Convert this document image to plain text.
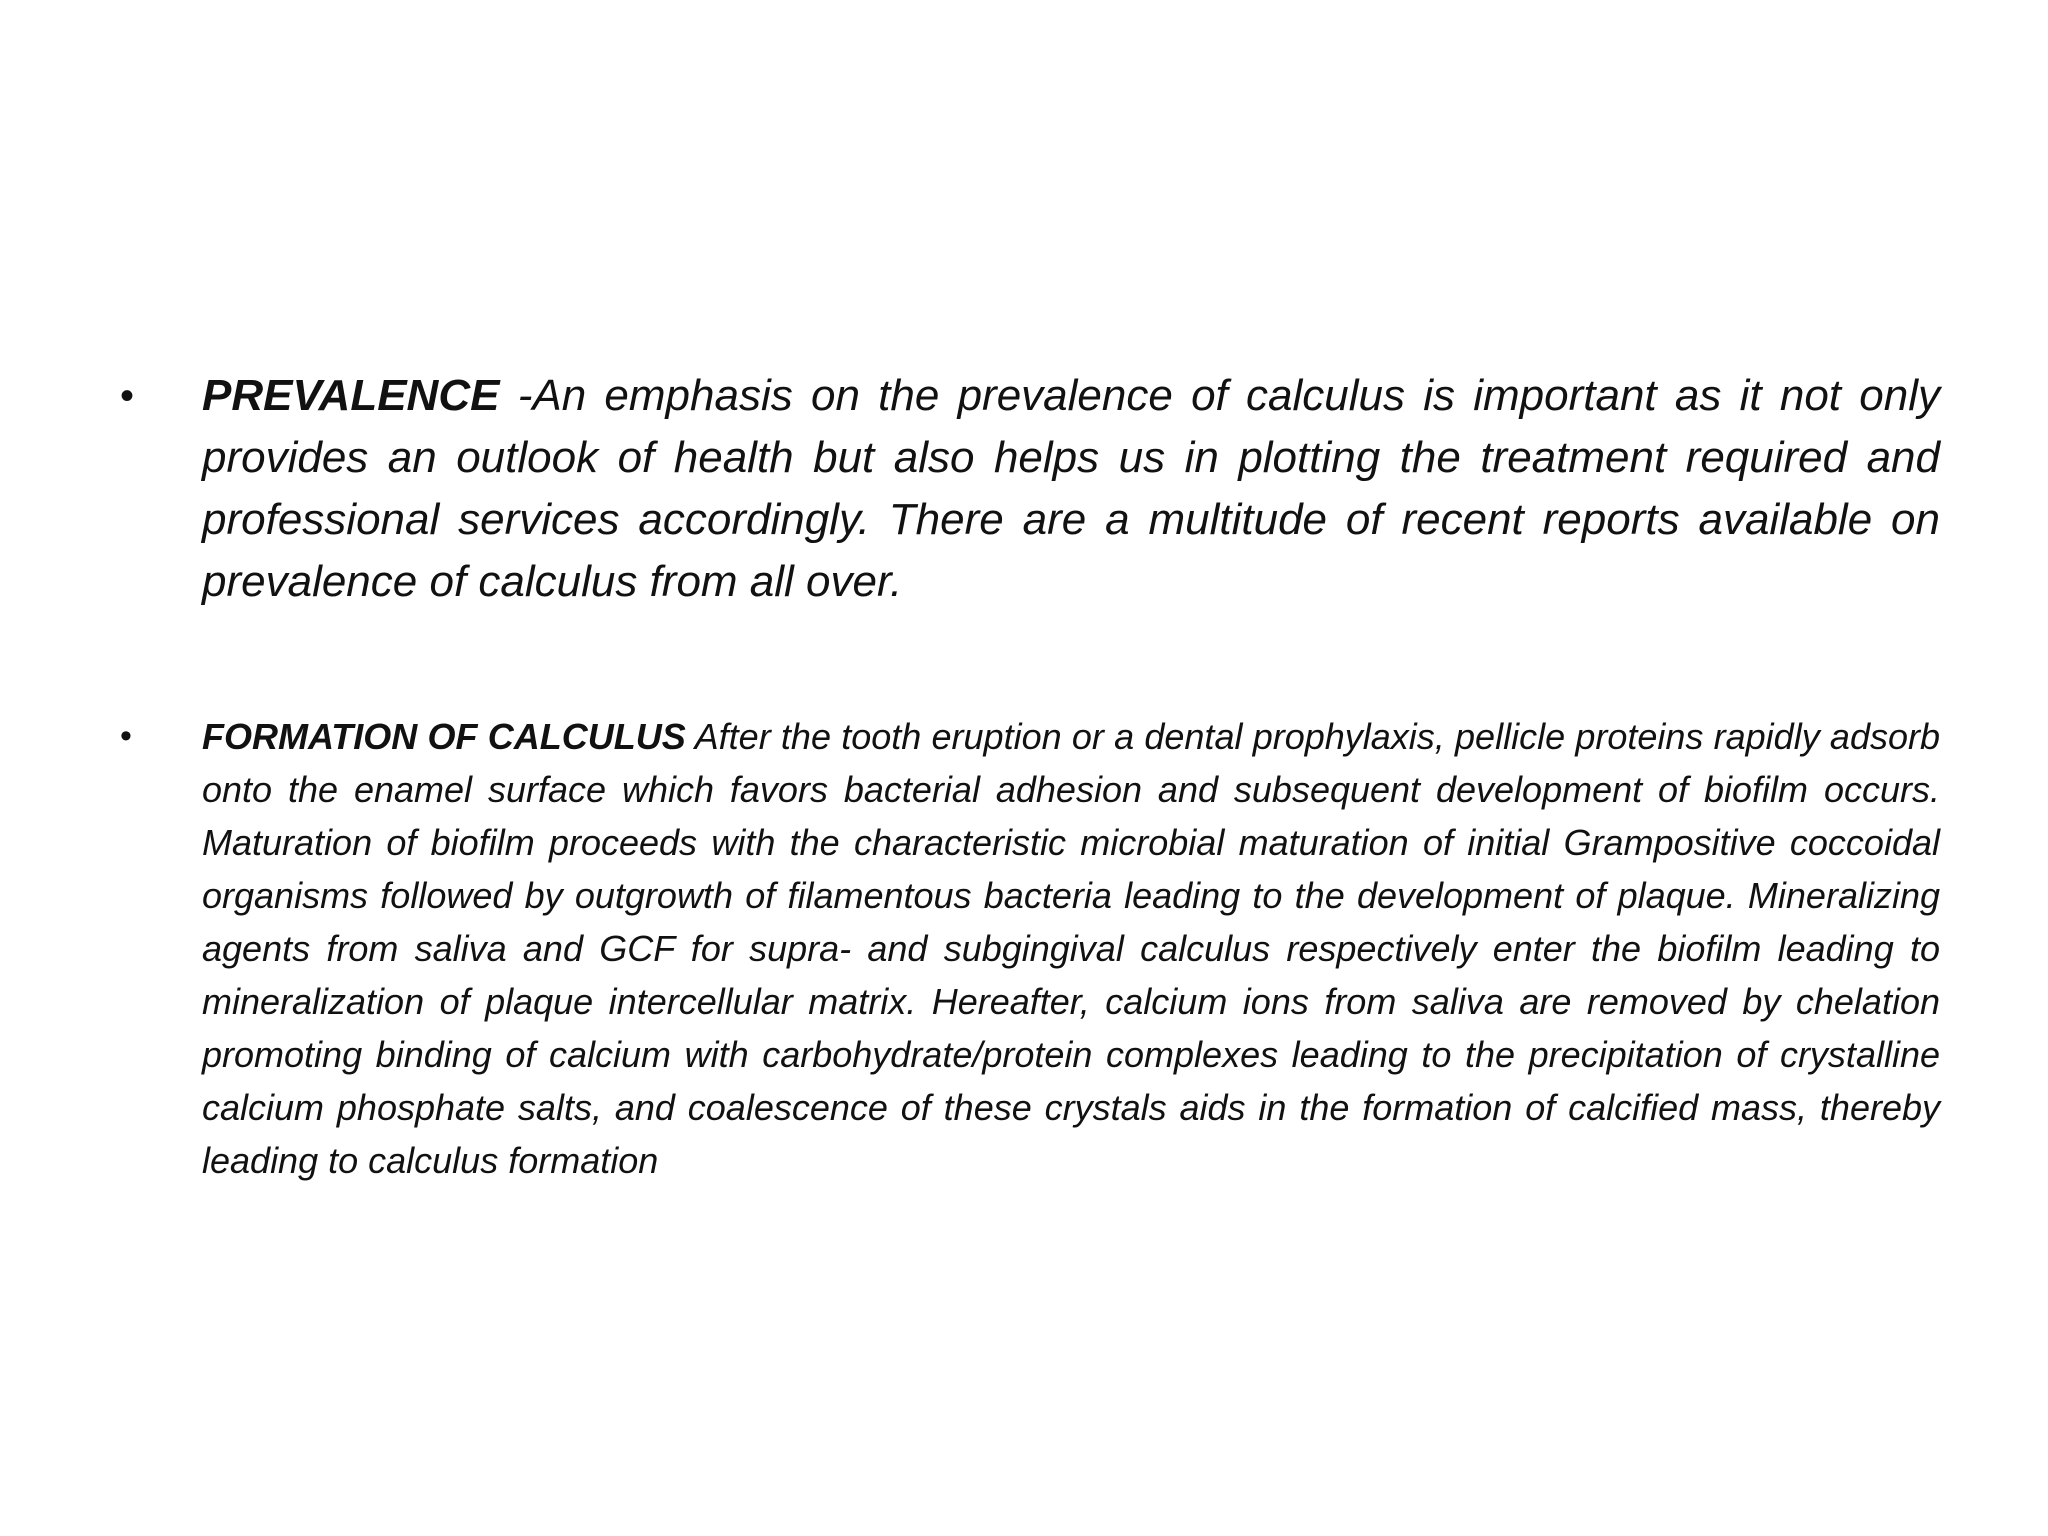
• PREVALENCE -An emphasis on the prevalence of calculus is important as it not only provides an outlook of health but also helps us in plotting the treatment required and professional services accordingly. There are a multitude of recent reports available on prevalence of calculus from all over.
• FORMATION OF CALCULUS After the tooth eruption or a dental prophylaxis, pellicle proteins rapidly adsorb onto the enamel surface which favors bacterial adhesion and subsequent development of biofilm occurs. Maturation of biofilm proceeds with the characteristic microbial maturation of initial Grampositive coccoidal organisms followed by outgrowth of filamentous bacteria leading to the development of plaque. Mineralizing agents from saliva and GCF for supra- and subgingival calculus respectively enter the biofilm leading to mineralization of plaque intercellular matrix. Hereafter, calcium ions from saliva are removed by chelation promoting binding of calcium with carbohydrate/protein complexes leading to the precipitation of crystalline calcium phosphate salts, and coalescence of these crystals aids in the formation of calcified mass, thereby leading to calculus formation
